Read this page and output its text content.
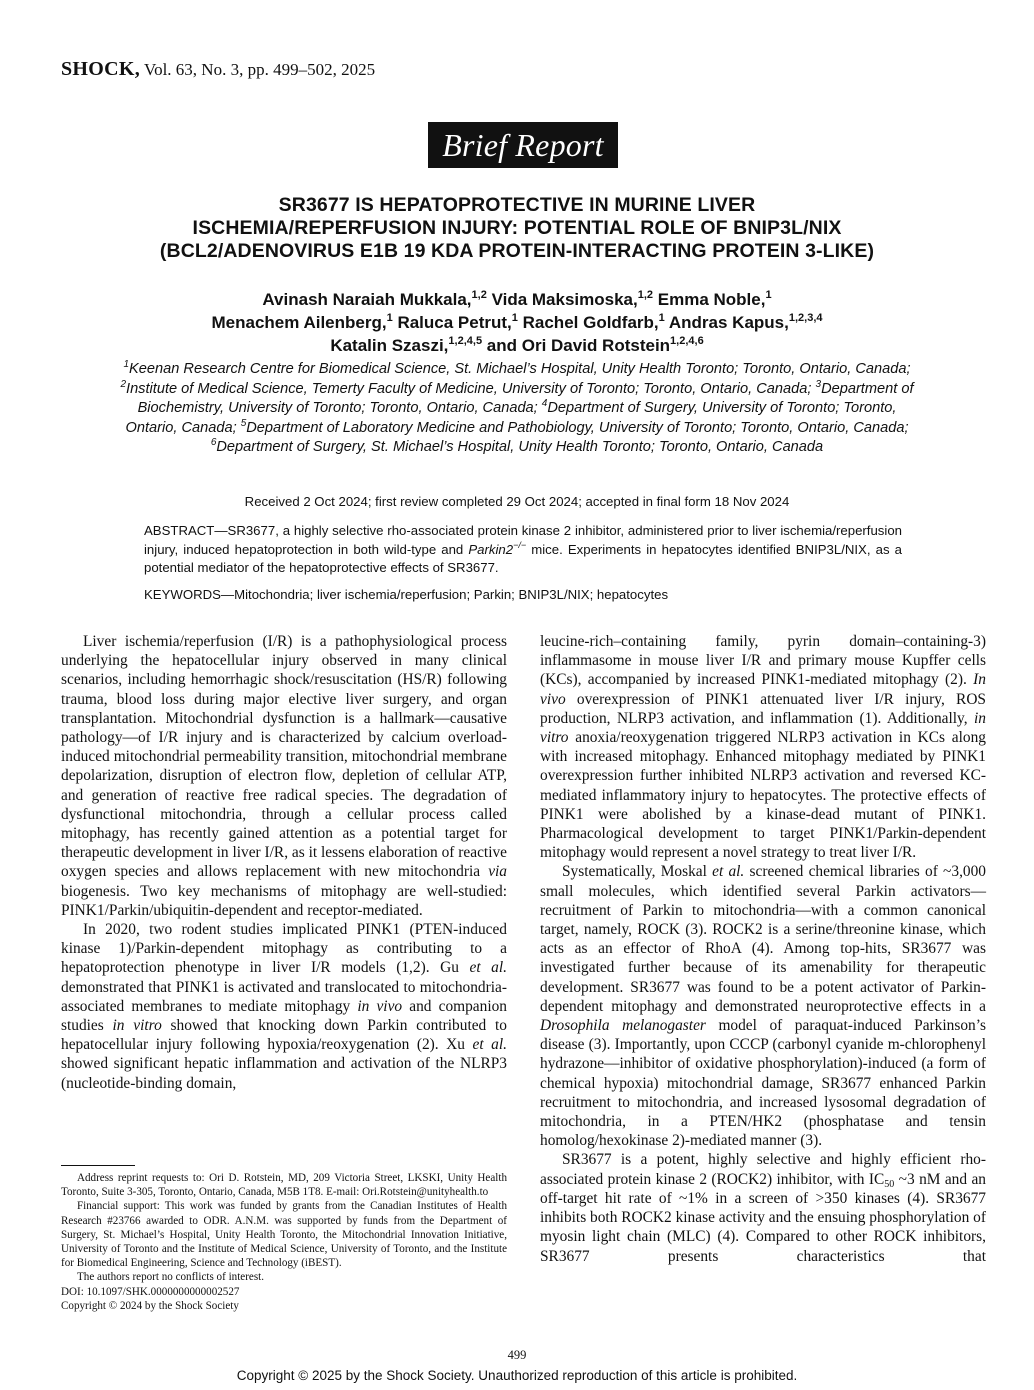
SHOCK, Vol. 63, No. 3, pp. 499–502, 2025
Brief Report
SR3677 IS HEPATOPROTECTIVE IN MURINE LIVER
ISCHEMIA/REPERFUSION INJURY: POTENTIAL ROLE OF BNIP3L/NIX
(BCL2/ADENOVIRUS E1B 19 KDA PROTEIN-INTERACTING PROTEIN 3-LIKE)
Avinash Naraiah Mukkala,$^{1,2}$ Vida Maksimoska,$^{1,2}$ Emma Noble,$^1$
Menachem Ailenberg,$^1$ Raluca Petrut,$^1$ Rachel Goldfarb,$^1$ Andras Kapus,$^{1,2,3,4}$
Katalin Szaszi,$^{1,2,4,5}$ and Ori David Rotstein$^{1,2,4,6}$
$^1$Keenan Research Centre for Biomedical Science, St. Michael’s Hospital, Unity Health Toronto; Toronto, Ontario, Canada; $^2$Institute of Medical Science, Temerty Faculty of Medicine, University of Toronto; Toronto, Ontario, Canada; $^3$Department of Biochemistry, University of Toronto; Toronto, Ontario, Canada; $^4$Department of Surgery, University of Toronto; Toronto, Ontario, Canada; $^5$Department of Laboratory Medicine and Pathobiology, University of Toronto; Toronto, Ontario, Canada; $^6$Department of Surgery, St. Michael’s Hospital, Unity Health Toronto; Toronto, Ontario, Canada
Received 2 Oct 2024; first review completed 29 Oct 2024; accepted in final form 18 Nov 2024
ABSTRACT—SR3677, a highly selective rho-associated protein kinase 2 inhibitor, administered prior to liver ischemia/reperfusion injury, induced hepatoprotection in both wild-type and Parkin2−/− mice. Experiments in hepatocytes identified BNIP3L/NIX, as a potential mediator of the hepatoprotective effects of SR3677.
KEYWORDS—Mitochondria; liver ischemia/reperfusion; Parkin; BNIP3L/NIX; hepatocytes

Liver ischemia/reperfusion (I/R) is a pathophysiological process underlying the hepatocellular injury observed in many clinical scenarios, including hemorrhagic shock/resuscitation (HS/R) following trauma, blood loss during major elective liver surgery, and organ transplantation. Mitochondrial dysfunction is a hallmark—causative pathology—of I/R injury and is characterized by calcium overload-induced mitochondrial permeability transition, mitochondrial membrane depolarization, disruption of electron flow, depletion of cellular ATP, and generation of reactive free radical species. The degradation of dysfunctional mitochondria, through a cellular process called mitophagy, has recently gained attention as a potential target for therapeutic development in liver I/R, as it lessens elaboration of reactive oxygen species and allows replacement with new mitochondria via biogenesis. Two key mechanisms of mitophagy are well-studied: PINK1/Parkin/ubiquitin-dependent and receptor-mediated.

In 2020, two rodent studies implicated PINK1 (PTEN-induced kinase 1)/Parkin-dependent mitophagy as contributing to a hepatoprotection phenotype in liver I/R models (1,2). Gu et al. demonstrated that PINK1 is activated and translocated to mitochondria-associated membranes to mediate mitophagy in vivo and companion studies in vitro showed that knocking down Parkin contributed to hepatocellular injury following hypoxia/reoxygenation (2). Xu et al. showed significant hepatic inflammation and activation of the NLRP3 (nucleotide-binding domain,

leucine-rich–containing family, pyrin domain–containing-3) inflammasome in mouse liver I/R and primary mouse Kupffer cells (KCs), accompanied by increased PINK1-mediated mitophagy (2). In vivo overexpression of PINK1 attenuated liver I/R injury, ROS production, NLRP3 activation, and inflammation (1). Additionally, in vitro anoxia/reoxygenation triggered NLRP3 activation in KCs along with increased mitophagy. Enhanced mitophagy mediated by PINK1 overexpression further inhibited NLRP3 activation and reversed KC-mediated inflammatory injury to hepatocytes. The protective effects of PINK1 were abolished by a kinase-dead mutant of PINK1. Pharmacological development to target PINK1/Parkin-dependent mitophagy would represent a novel strategy to treat liver I/R.

Systematically, Moskal et al. screened chemical libraries of ~3,000 small molecules, which identified several Parkin activators—recruitment of Parkin to mitochondria—with a common canonical target, namely, ROCK (3). ROCK2 is a serine/threonine kinase, which acts as an effector of RhoA (4). Among top-hits, SR3677 was investigated further because of its amenability for therapeutic development. SR3677 was found to be a potent activator of Parkin-dependent mitophagy and demonstrated neuroprotective effects in a Drosophila melanogaster model of paraquat-induced Parkinson’s disease (3). Importantly, upon CCCP (carbonyl cyanide m-chlorophenyl hydrazone—inhibitor of oxidative phosphorylation)-induced (a form of chemical hypoxia) mitochondrial damage, SR3677 enhanced Parkin recruitment to mitochondria, and increased lysosomal degradation of mitochondria, in a PTEN/HK2 (phosphatase and tensin homolog/hexokinase 2)-mediated manner (3).

SR3677 is a potent, highly selective and highly efficient rho-associated protein kinase 2 (ROCK2) inhibitor, with $IC_{50}$ ~3 nM and an off-target hit rate of ~1% in a screen of >350 kinases (4). SR3677 inhibits both ROCK2 kinase activity and the ensuing phosphorylation of myosin light chain (MLC) (4). Compared to other ROCK inhibitors, SR3677 presents characteristics that

Address reprint requests to: Ori D. Rotstein, MD, 209 Victoria Street, LKSKI, Unity Health Toronto, Suite 3-305, Toronto, Ontario, Canada, M5B 1T8. E-mail: Ori.Rotstein@unityhealth.to

Financial support: This work was funded by grants from the Canadian Institutes of Health Research #23766 awarded to ODR. A.N.M. was supported by funds from the Department of Surgery, St. Michael’s Hospital, Unity Health Toronto, the Mitochondrial Innovation Initiative, University of Toronto and the Institute of Medical Science, University of Toronto, and the Institute for Biomedical Engineering, Science and Technology (iBEST).

The authors report no conflicts of interest.

DOI: 10.1097/SHK.0000000000002527

Copyright © 2024 by the Shock Society

499
Copyright © 2025 by the Shock Society. Unauthorized reproduction of this article is prohibited.
